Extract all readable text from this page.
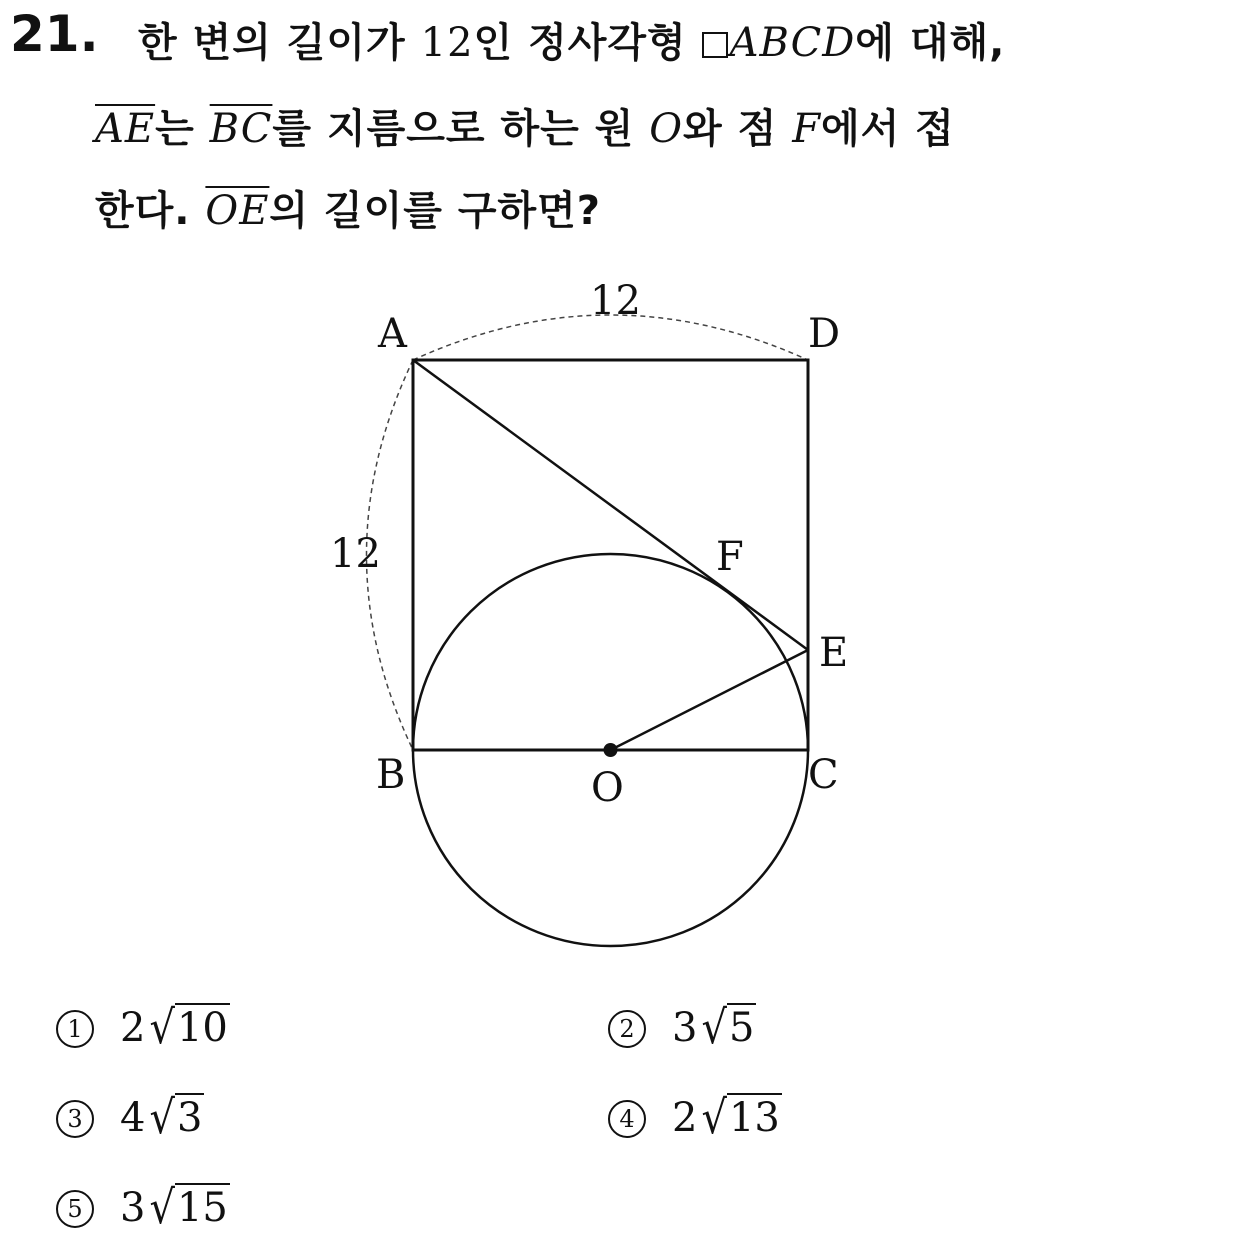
21. 한 변의 길이가 12인 정사각형 ABCD에 대해,
$\overline{AE}$는 $\overline{BC}$를 지름으로 하는 원 O와 점 F에서 접
한다. $\overline{OE}$의 길이를 구하면?
A	D
B	C
E
F
O
12
12
1 2 √10	2 3 √5
3 4 √3	4 2 √13
5 3 √15
